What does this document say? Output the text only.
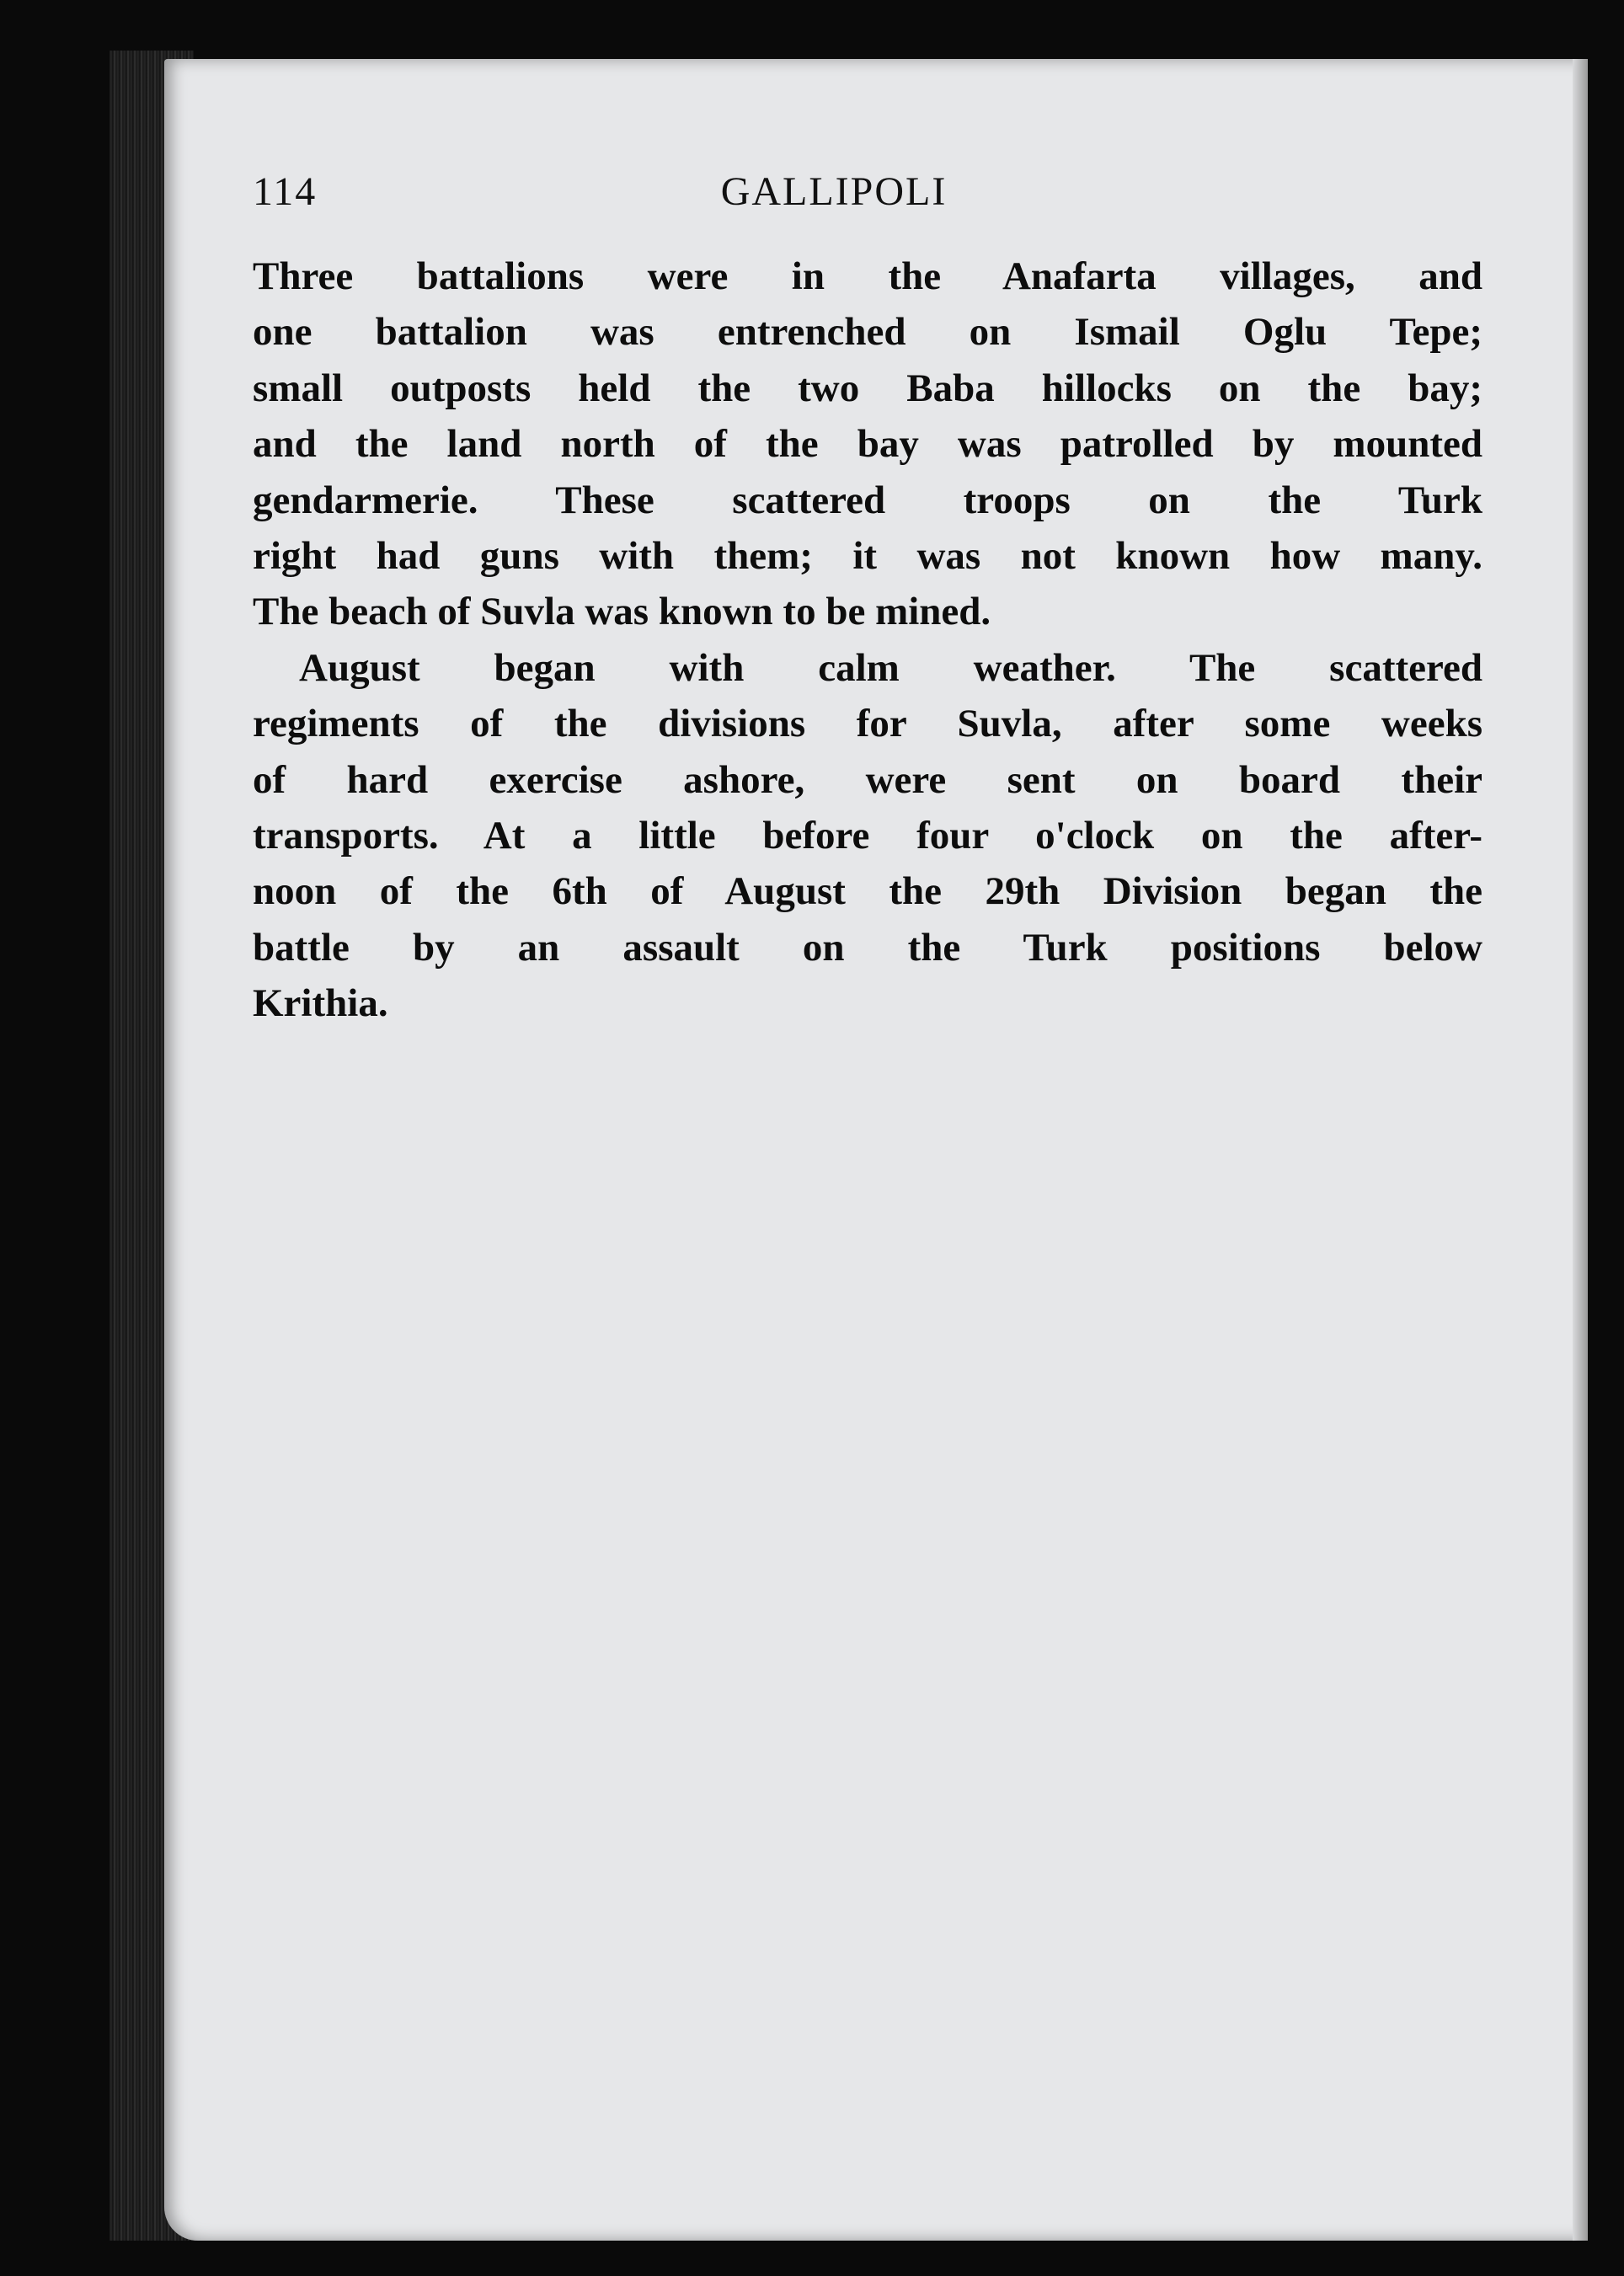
114	GALLIPOLI

Three battalions were in the Anafarta villages, and
one battalion was entrenched on Ismail Oglu Tepe;
small outposts held the two Baba hillocks on the bay;
and the land north of the bay was patrolled by mounted
gendarmerie. These scattered troops on the Turk
right had guns with them; it was not known how many.
The beach of Suvla was known to be mined.

August began with calm weather. The scattered
regiments of the divisions for Suvla, after some weeks
of hard exercise ashore, were sent on board their
transports. At a little before four o'clock on the after-
noon of the 6th of August the 29th Division began the
battle by an assault on the Turk positions below
Krithia.
